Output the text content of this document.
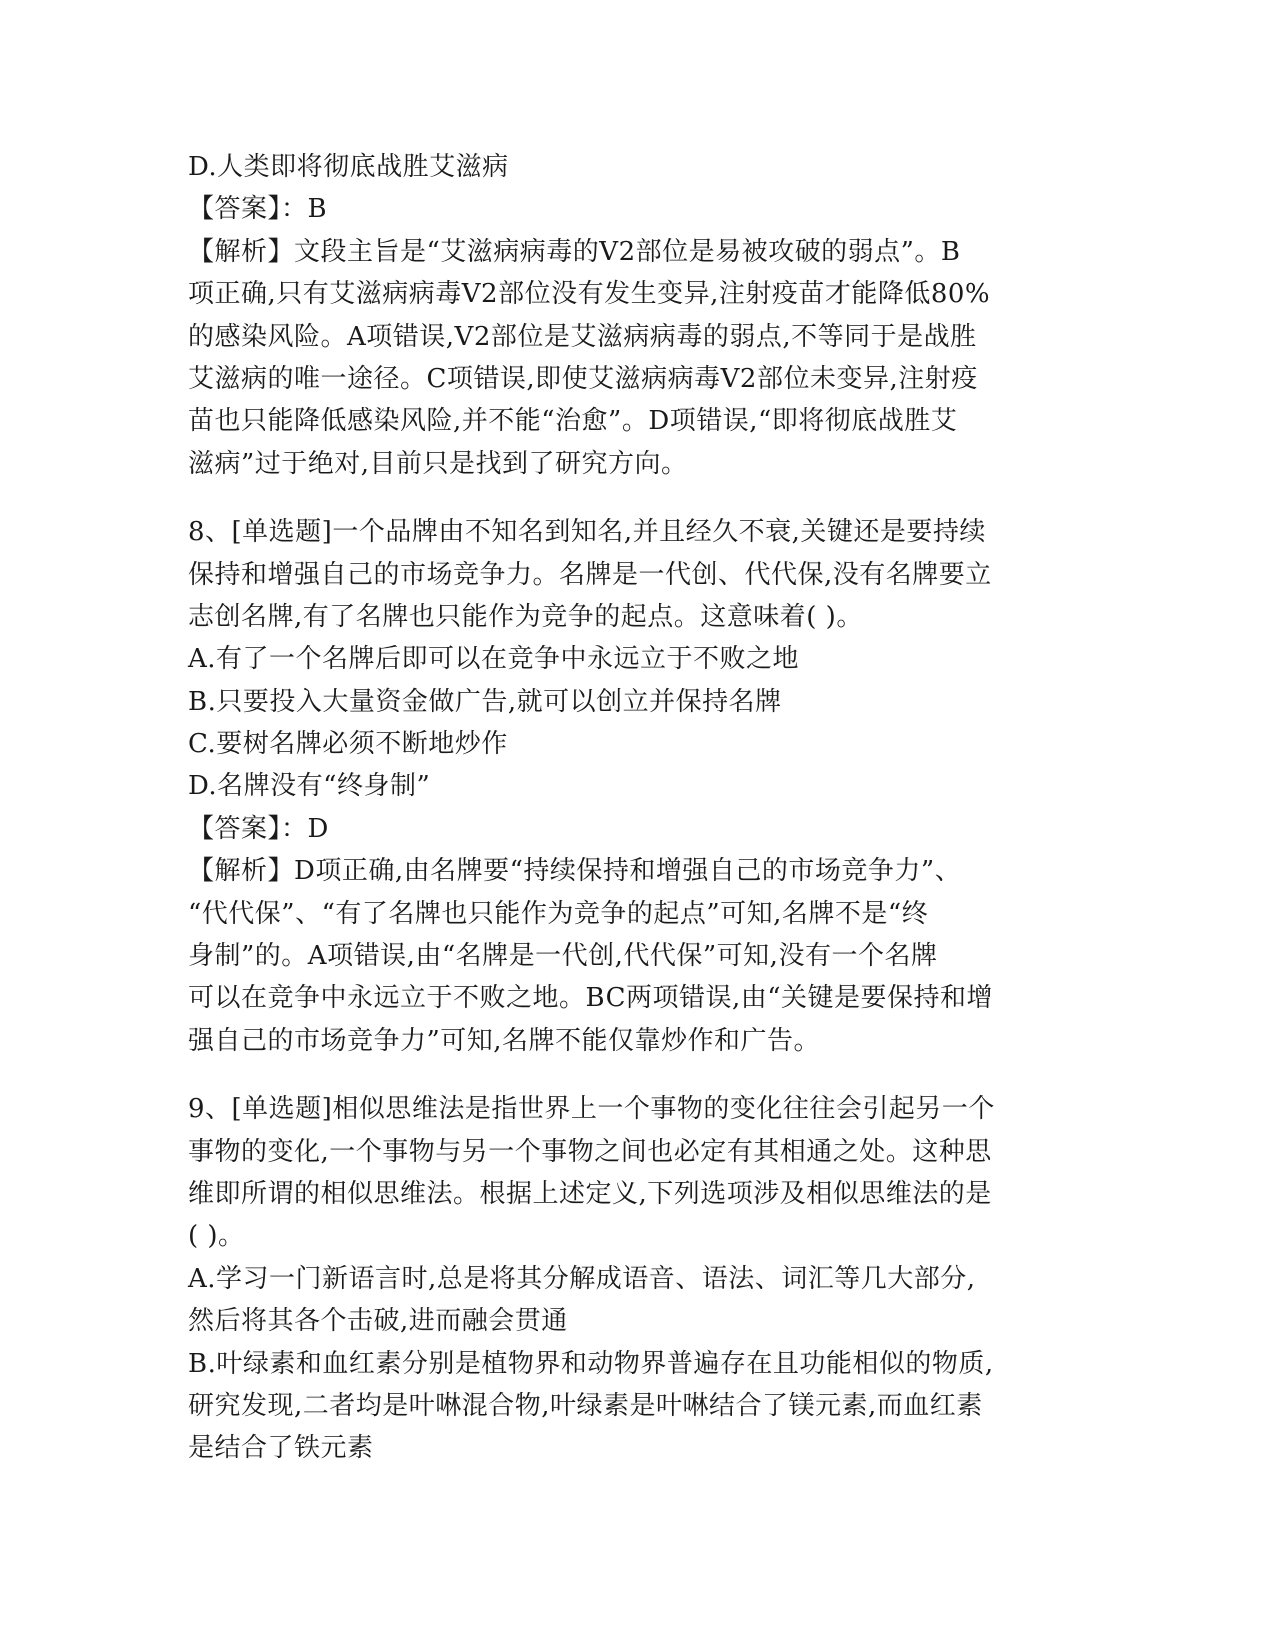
D.人类即将彻底战胜艾滋病
【答案】：B
【解析】文段主旨是“艾滋病病毒的V2部位是易被攻破的弱点”。B
项正确,只有艾滋病病毒V2部位没有发生变异,注射疫苗才能降低80%
的感染风险。A项错误,V2部位是艾滋病病毒的弱点,不等同于是战胜
艾滋病的唯一途径。C项错误,即使艾滋病病毒V2部位未变异,注射疫
苗也只能降低感染风险,并不能“治愈”。D项错误,“即将彻底战胜艾
滋病”过于绝对,目前只是找到了研究方向。
8、[单选题]一个品牌由不知名到知名,并且经久不衰,关键还是要持续
保持和增强自己的市场竞争力。名牌是一代创、代代保,没有名牌要立
志创名牌,有了名牌也只能作为竞争的起点。这意味着( )。
A.有了一个名牌后即可以在竞争中永远立于不败之地
B.只要投入大量资金做广告,就可以创立并保持名牌
C.要树名牌必须不断地炒作
D.名牌没有“终身制”
【答案】：D
【解析】D项正确,由名牌要“持续保持和增强自己的市场竞争力”、
“代代保”、“有了名牌也只能作为竞争的起点”可知,名牌不是“终
身制”的。A项错误,由“名牌是一代创,代代保”可知,没有一个名牌
可以在竞争中永远立于不败之地。BC两项错误,由“关键是要保持和增
强自己的市场竞争力”可知,名牌不能仅靠炒作和广告。
9、[单选题]相似思维法是指世界上一个事物的变化往往会引起另一个
事物的变化,一个事物与另一个事物之间也必定有其相通之处。这种思
维即所谓的相似思维法。根据上述定义,下列选项涉及相似思维法的是
( )。
A.学习一门新语言时,总是将其分解成语音、语法、词汇等几大部分,
然后将其各个击破,进而融会贯通
B.叶绿素和血红素分别是植物界和动物界普遍存在且功能相似的物质,
研究发现,二者均是叶啉混合物,叶绿素是叶啉结合了镁元素,而血红素
是结合了铁元素
